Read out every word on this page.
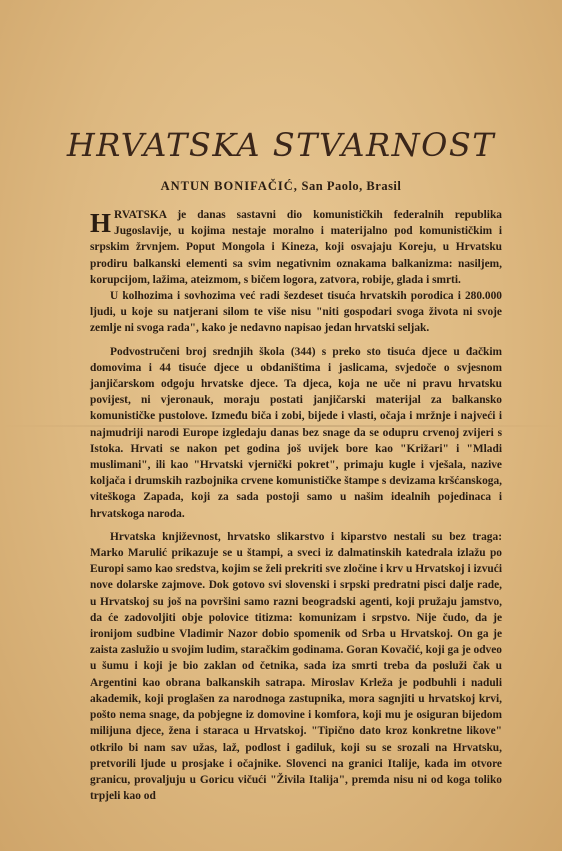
HRVATSKA STVARNOST
ANTUN BONIFAČIĆ, San Paolo, Brasil

HRVATSKA je danas sastavni dio komunističkih federalnih republika Jugoslavije, u kojima nestaje moralno i materijalno pod komunističkim i srpskim žrvnjem. Poput Mongola i Kineza, koji osvajaju Koreju, u Hrvatsku prodiru balkanski elementi sa svim negativnim oznakama balkanizma: nasiljem, korupcijom, lažima, ateizmom, s bičem logora, zatvora, robije, glada i smrti.

U kolhozima i sovhozima već radi šezdeset tisuća hrvatskih porodica i 280.000 ljudi, u koje su natjerani silom te više nisu "niti gospodari svoga života ni svoje zemlje ni svoga rada", kako je nedavno napisao jedan hrvatski seljak.

Podvostručeni broj srednjih škola (344) s preko sto tisuća djece u đačkim domovima i 44 tisuće djece u obdaništima i jaslicama, svjedoče o svjesnom janjičarskom odgoju hrvatske djece. Ta djeca, koja ne uče ni pravu hrvatsku povijest, ni vjeronauk, moraju postati janjičarski materijal za balkansko komunističke pustolove. Između biča i zobi, bijede i vlasti, očaja i mržnje i najveći i najmudriji narodi Europe izgledaju danas bez snage da se odupru crvenoj zvijeri s Istoka. Hrvati se nakon pet godina još uvijek bore kao "Križari" i "Mladi muslimani", ili kao "Hrvatski vjernički pokret", primaju kugle i vješala, nazive koljača i drumskih razbojnika crvene komunističke štampe s devizama kršćanskoga, viteškoga Zapada, koji za sada postoji samo u našim idealnih pojedinaca i hrvatskoga naroda.

Hrvatska književnost, hrvatsko slikarstvo i kiparstvo nestali su bez traga: Marko Marulić prikazuje se u štampi, a sveci iz dalmatinskih katedrala izlažu po Europi samo kao sredstva, kojim se želi prekriti sve zločine i krv u Hrvatskoj i izvući nove dolarske zajmove. Dok gotovo svi slovenski i srpski predratni pisci dalje rade, u Hrvatskoj su još na površini samo razni beogradski agenti, koji pružaju jamstvo, da će zadovoljiti obje polovice titizma: komunizam i srpstvo. Nije čudo, da je ironijom sudbine Vladimir Nazor dobio spomenik od Srba u Hrvatskoj. On ga je zaista zaslužio u svojim ludim, staračkim godinama. Goran Kovačić, koji ga je odveo u šumu i koji je bio zaklan od četnika, sada iza smrti treba da posluži čak u Argentini kao obrana balkanskih satrapa. Miroslav Krleža je podbuhli i naduli akademik, koji proglašen za narodnoga zastupnika, mora sagnjiti u hrvatskoj krvi, pošto nema snage, da pobjegne iz domovine i komfora, koji mu je osiguran bijedom milijuna djece, žena i staraca u Hrvatskoj. "Tipično dato kroz konkretne likove" otkrilo bi nam sav užas, laž, podlost i gadiluk, koji su se srozali na Hrvatsku, pretvorili ljude u prosjake i očajnike. Slovenci na granici Italije, kada im otvore granicu, provaljuju u Goricu vičući "Živila Italija", premda nisu ni od koga toliko trpjeli kao od
